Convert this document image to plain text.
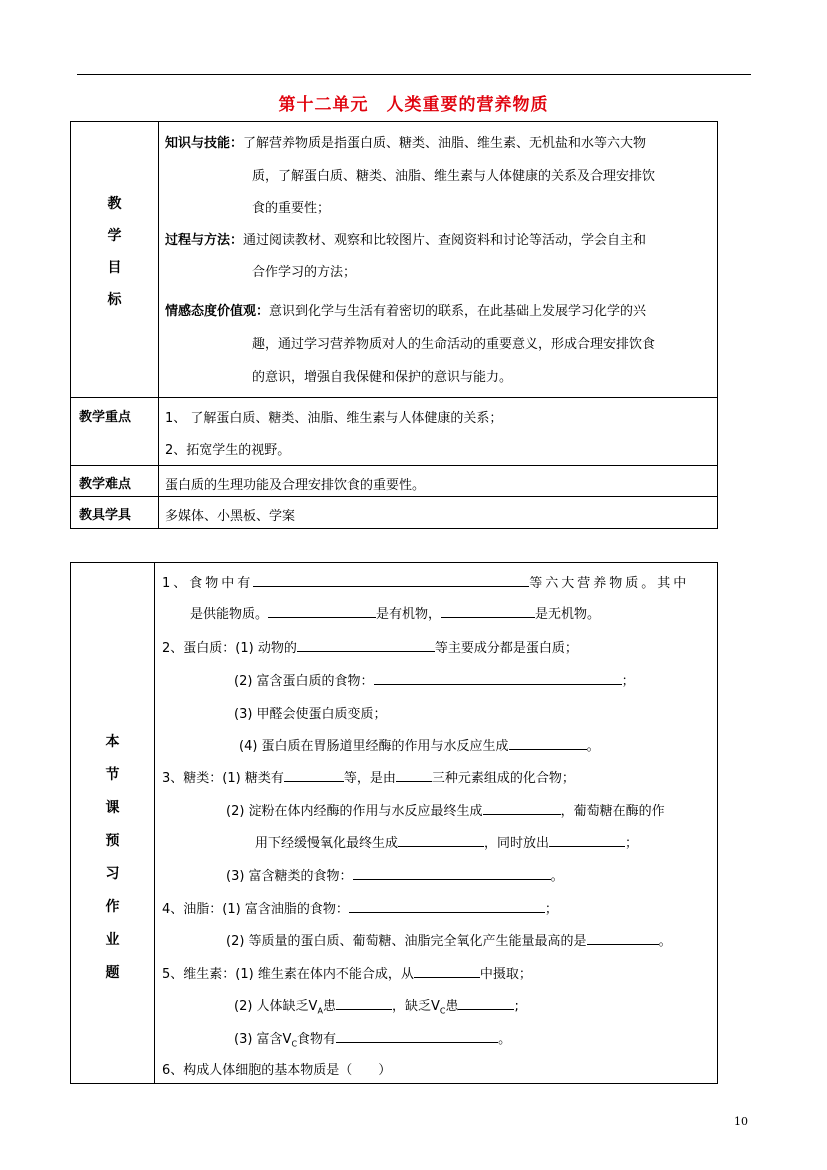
第十二单元　人类重要的营养物质
教
学
目
标
知识与技能：了解营养物质是指蛋白质、糖类、油脂、维生素、无机盐和水等六大物
质，了解蛋白质、糖类、油脂、维生素与人体健康的关系及合理安排饮
食的重要性；
过程与方法：通过阅读教材、观察和比较图片、查阅资料和讨论等活动，学会自主和
合作学习的方法；
情感态度价值观：意识到化学与生活有着密切的联系，在此基础上发展学习化学的兴
趣，通过学习营养物质对人的生命活动的重要意义，形成合理安排饮食
的意识，增强自我保健和保护的意识与能力。
教学重点	1、 了解蛋白质、糖类、油脂、维生素与人体健康的关系；
2、拓宽学生的视野。
教学难点	蛋白质的生理功能及合理安排饮食的重要性。
教具学具	多媒体、小黑板、学案
本
节
课
预
习
作
业
题
1、食物中有	等六大营养物质。其中
是供能物质。	是有机物，	是无机物。
2、蛋白质：(1) 动物的	等主要成分都是蛋白质；
(2) 富含蛋白质的食物：	；
(3) 甲醛会使蛋白质变质；
(4) 蛋白质在胃肠道里经酶的作用与水反应生成	。
3、糖类：(1) 糖类有	等，是由	三种元素组成的化合物；
(2) 淀粉在体内经酶的作用与水反应最终生成	，葡萄糖在酶的作
用下经缓慢氧化最终生成	，同时放出	；
(3) 富含糖类的食物：	。
4、油脂：(1) 富含油脂的食物：	；
(2) 等质量的蛋白质、葡萄糖、油脂完全氧化产生能量最高的是	。
5、维生素：(1) 维生素在体内不能合成，从	中摄取；
(2) 人体缺乏$V_A$患	，缺乏$V_C$患	;
(3) 富含$V_C$食物有	。
6、构成人体细胞的基本物质是（　　）
10
